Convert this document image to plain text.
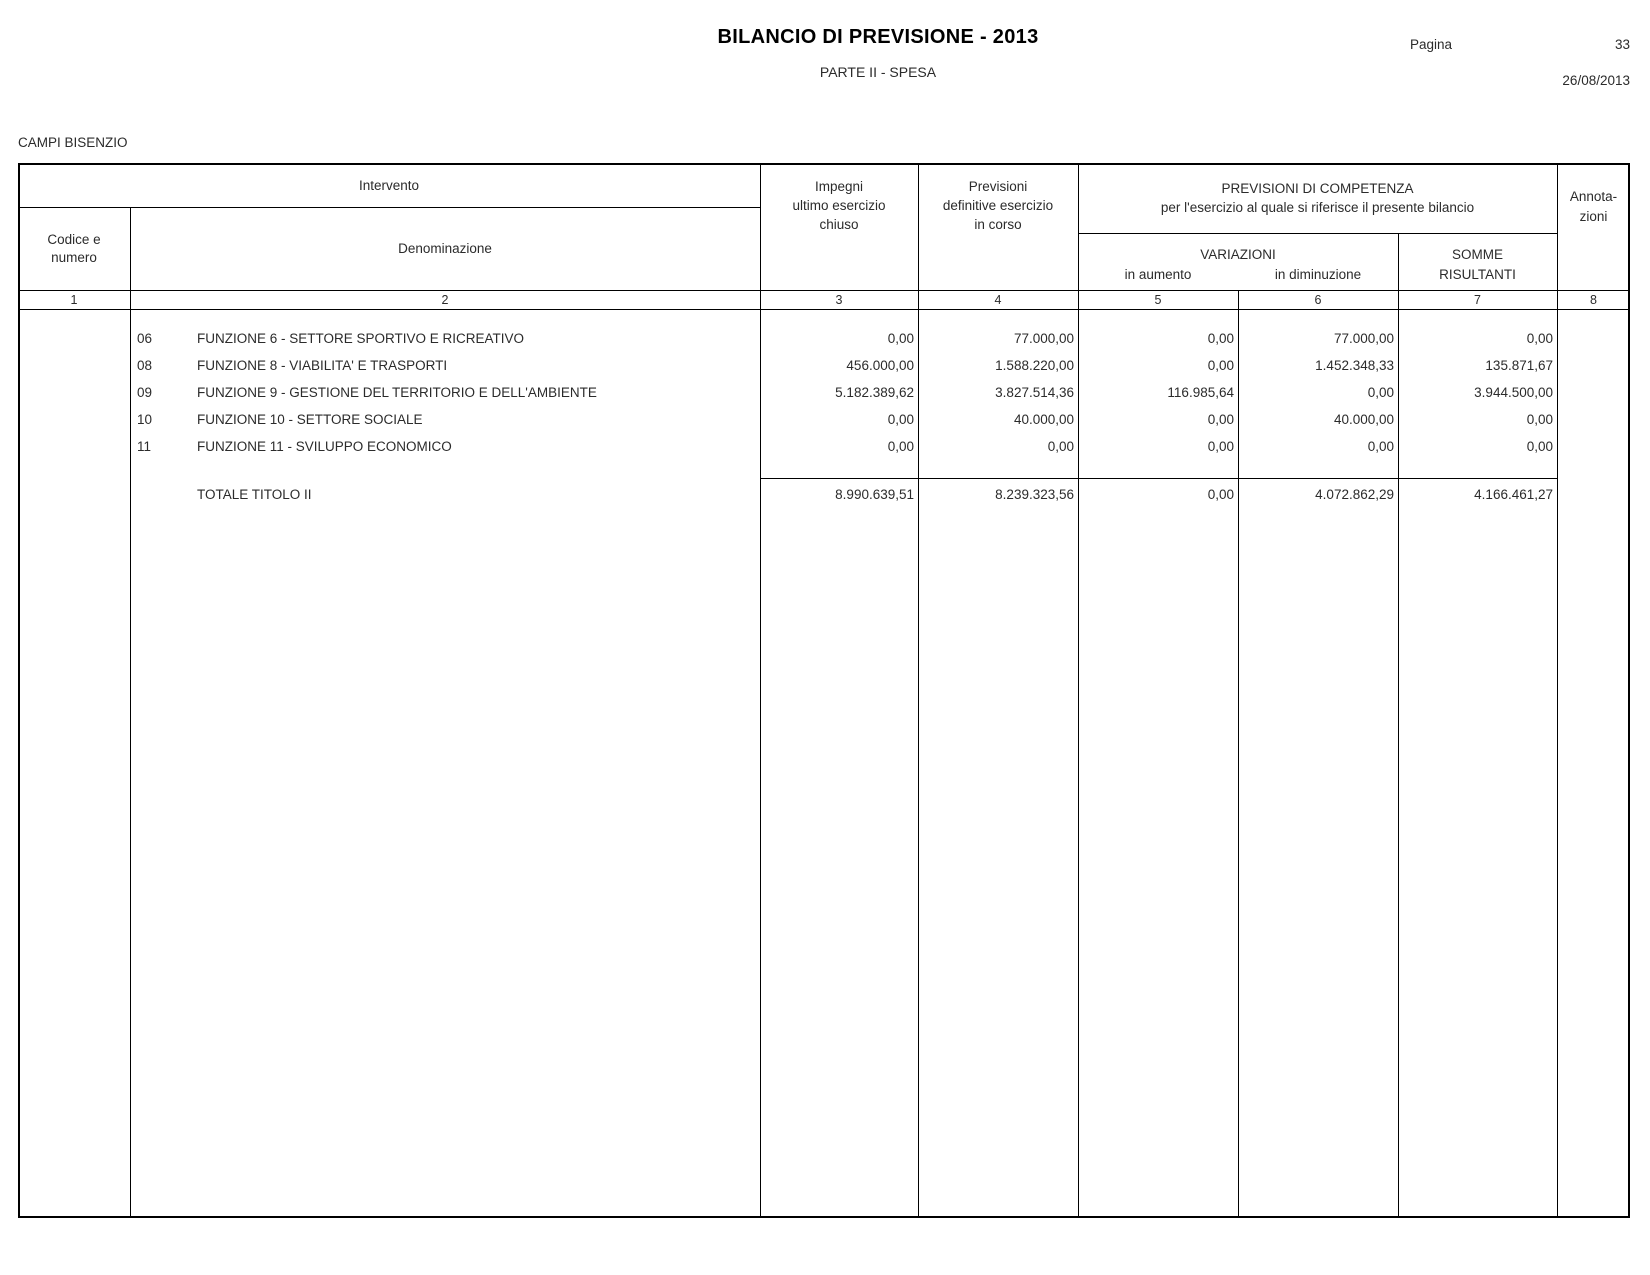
BILANCIO DI PREVISIONE - 2013
PARTE II - SPESA
Pagina	33
26/08/2013
CAMPI BISENZIO
Intervento
Codice e
numero
Denominazione
Impegni
ultimo esercizio
chiuso
Previsioni
definitive esercizio
in corso
PREVISIONI DI COMPETENZA
per l'esercizio al quale si riferisce il presente bilancio
VARIAZIONI
in aumento	in diminuzione
SOMME
RISULTANTI
Annota-
zioni
1	2	3	4	5	6	7	8
06	FUNZIONE 6 - SETTORE SPORTIVO E RICREATIVO	0,00	77.000,00	0,00	77.000,00	0,00
08	FUNZIONE 8 - VIABILITA' E TRASPORTI	456.000,00	1.588.220,00	0,00	1.452.348,33	135.871,67
09	FUNZIONE 9 - GESTIONE DEL TERRITORIO E DELL'AMBIENTE	5.182.389,62	3.827.514,36	116.985,64	0,00	3.944.500,00
10	FUNZIONE 10 - SETTORE SOCIALE	0,00	40.000,00	0,00	40.000,00	0,00
11	FUNZIONE 11 - SVILUPPO ECONOMICO	0,00	0,00	0,00	0,00	0,00
TOTALE TITOLO II	8.990.639,51	8.239.323,56	0,00	4.072.862,29	4.166.461,27
